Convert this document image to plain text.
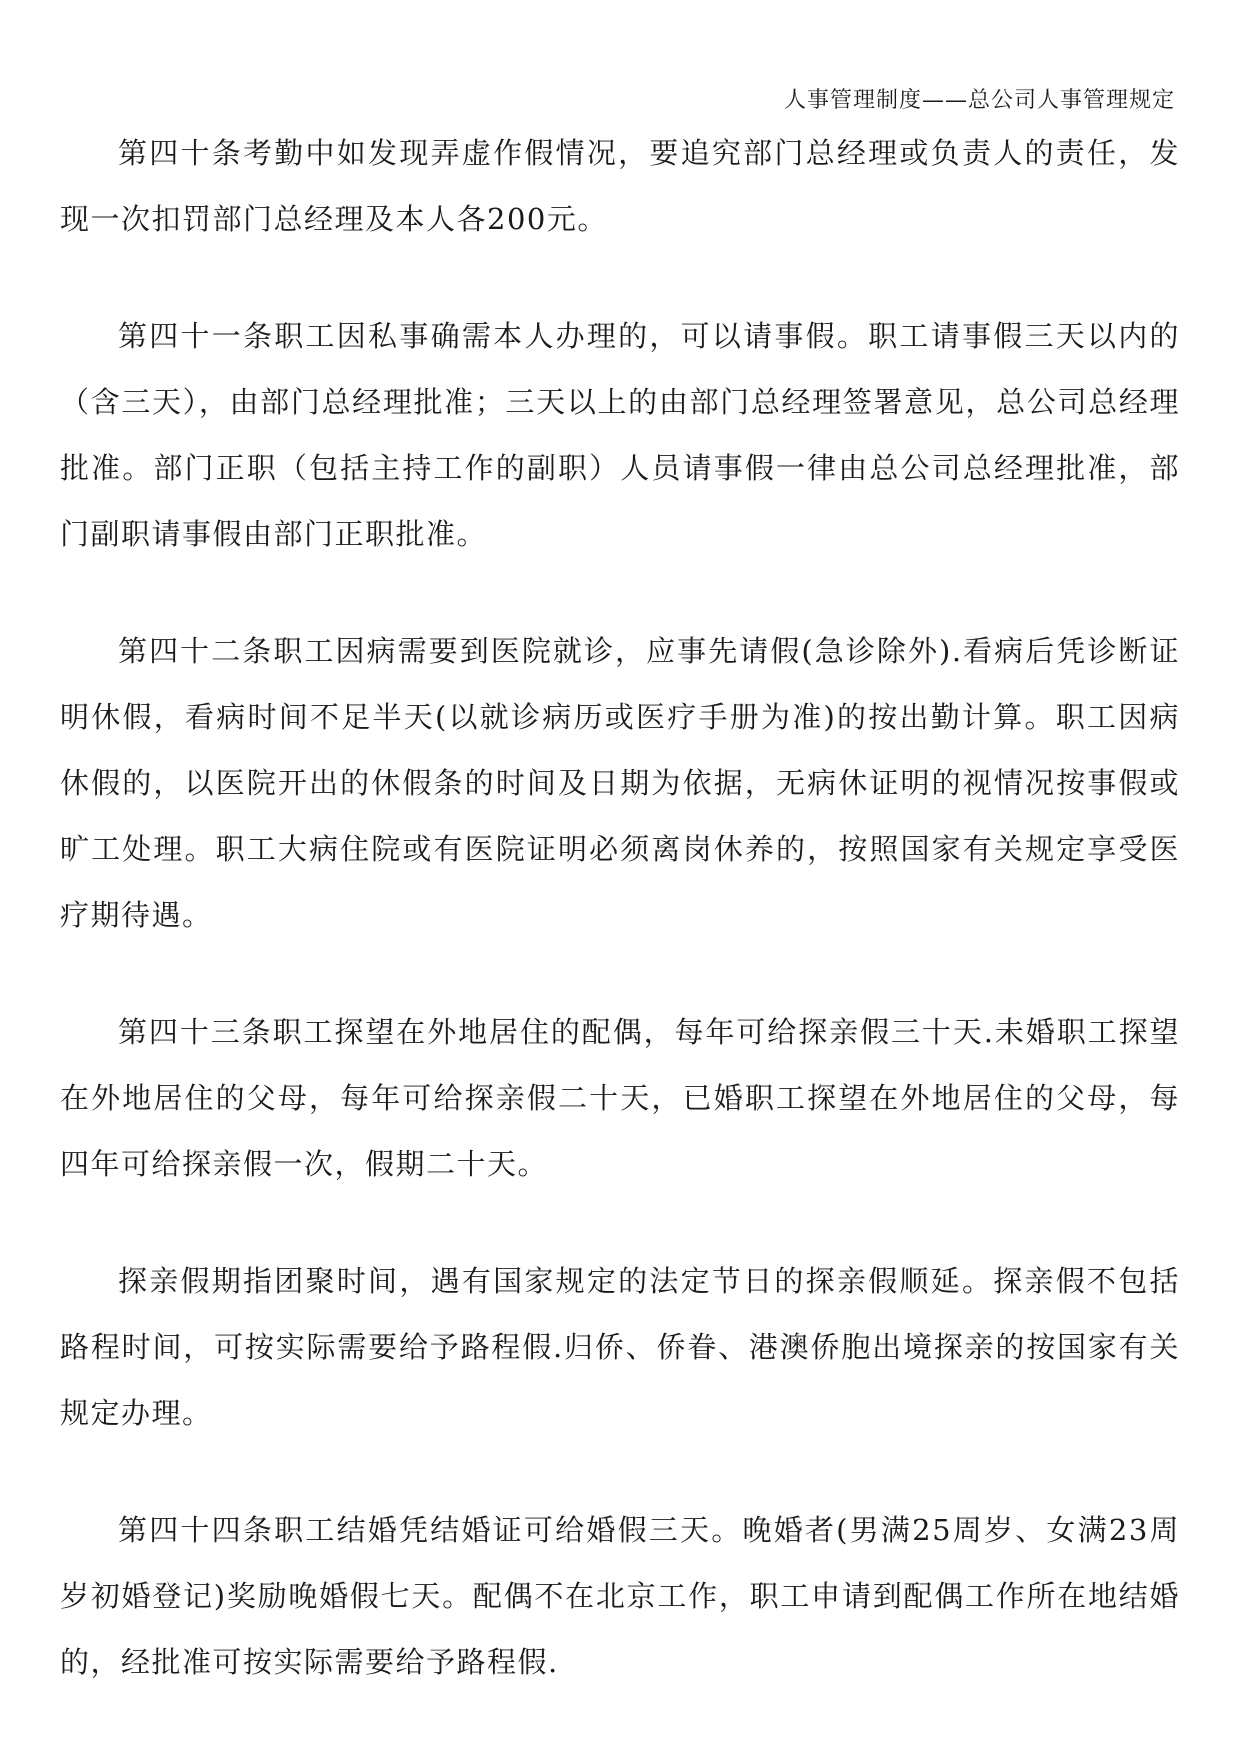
人事管理制度——总公司人事管理规定

第四十条考勤中如发现弄虚作假情况，要追究部门总经理或负责人的责任，发现一次扣罚部门总经理及本人各200元。

第四十一条职工因私事确需本人办理的，可以请事假。职工请事假三天以内的（含三天），由部门总经理批准；三天以上的由部门总经理签署意见，总公司总经理批准。部门正职（包括主持工作的副职）人员请事假一律由总公司总经理批准，部门副职请事假由部门正职批准。

第四十二条职工因病需要到医院就诊，应事先请假(急诊除外).看病后凭诊断证明休假，看病时间不足半天(以就诊病历或医疗手册为准)的按出勤计算。职工因病休假的，以医院开出的休假条的时间及日期为依据，无病休证明的视情况按事假或旷工处理。职工大病住院或有医院证明必须离岗休养的，按照国家有关规定享受医疗期待遇。

第四十三条职工探望在外地居住的配偶，每年可给探亲假三十天.未婚职工探望在外地居住的父母，每年可给探亲假二十天，已婚职工探望在外地居住的父母，每四年可给探亲假一次，假期二十天。

探亲假期指团聚时间，遇有国家规定的法定节日的探亲假顺延。探亲假不包括路程时间，可按实际需要给予路程假.归侨、侨眷、港澳侨胞出境探亲的按国家有关规定办理。

第四十四条职工结婚凭结婚证可给婚假三天。晚婚者(男满25周岁、女满23周岁初婚登记)奖励晚婚假七天。配偶不在北京工作，职工申请到配偶工作所在地结婚的，经批准可按实际需要给予路程假.
